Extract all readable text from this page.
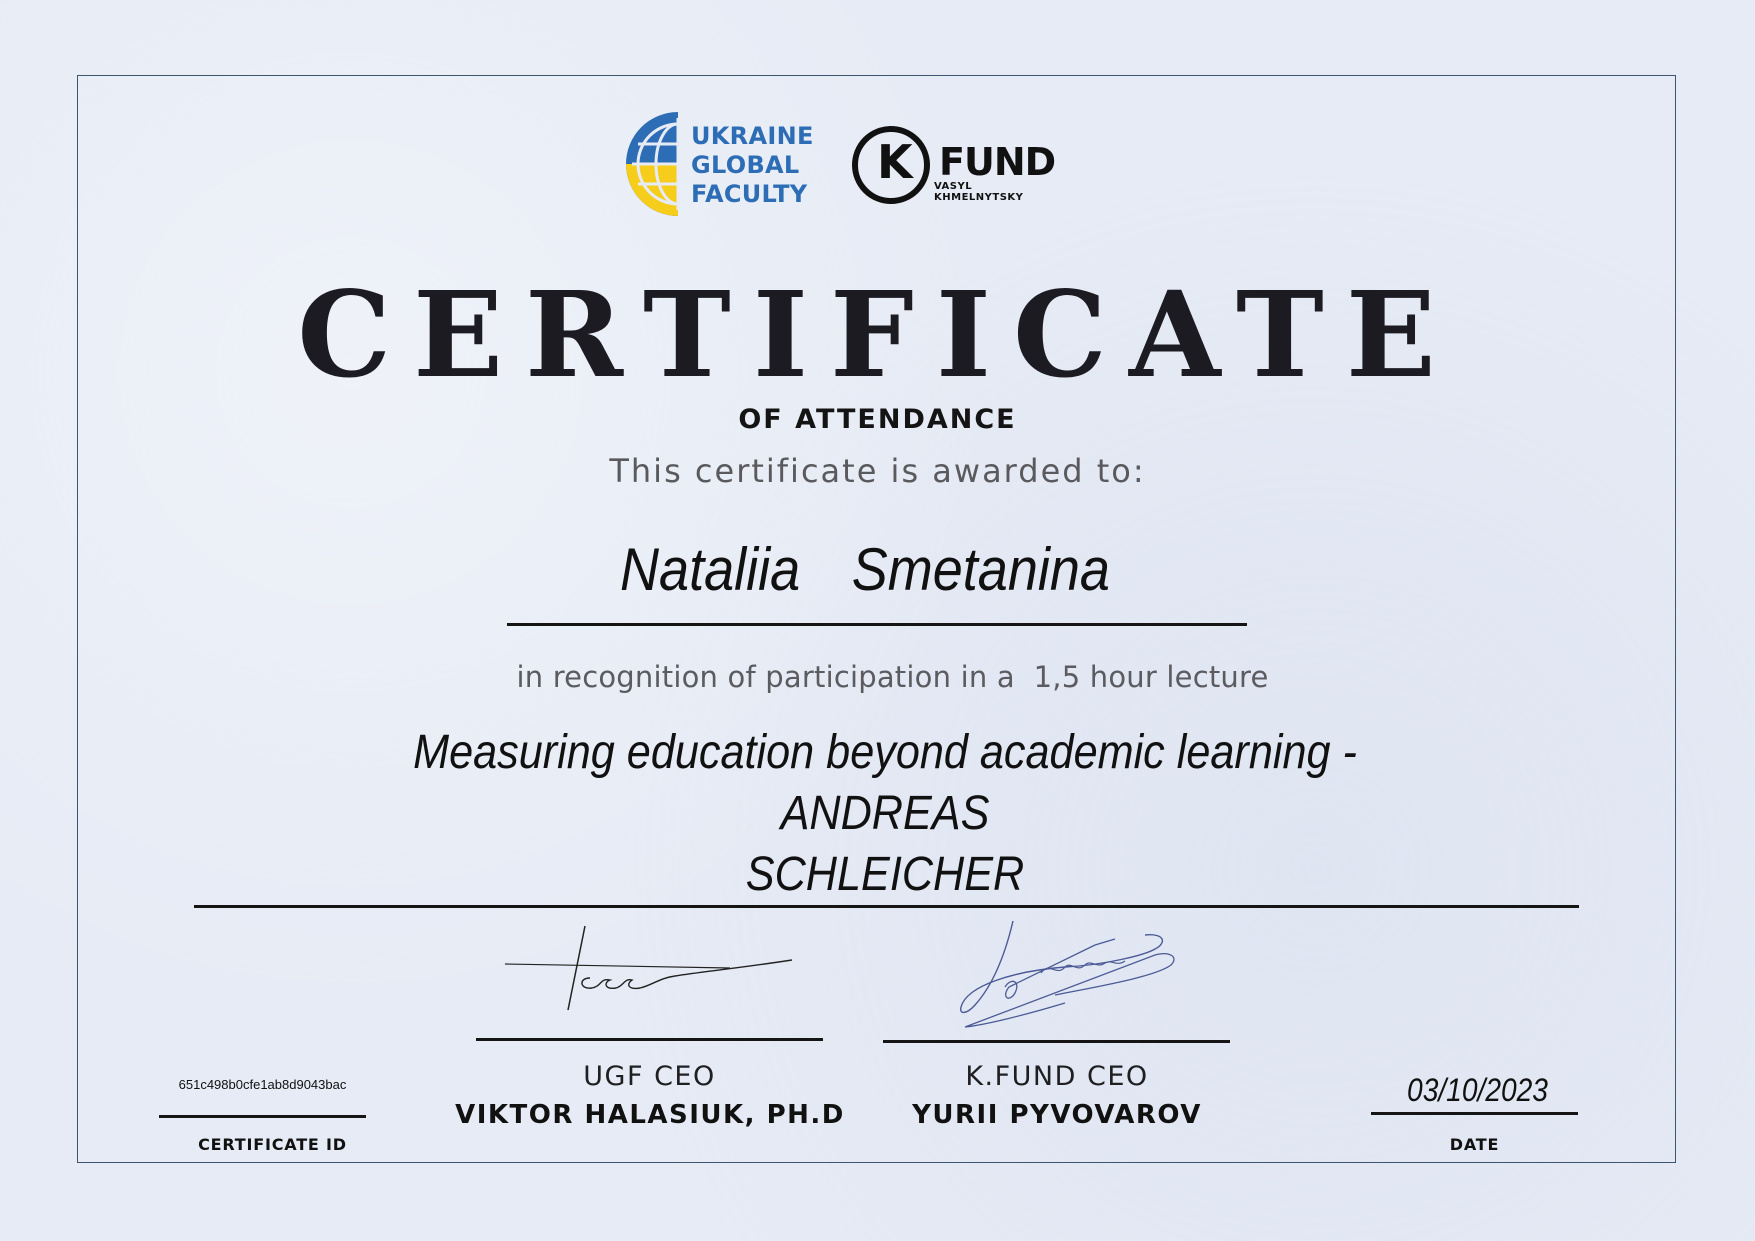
UKRAINE
GLOBAL
FACULTY
K FUND
VASYL
KHMELNYTSKY
CERTIFICATE
OF ATTENDANCE
This certificate is awarded to:
Nataliia  Smetanina
in recognition of participation in a  1,5 hour lecture
Measuring education beyond academic learning - ANDREAS
SCHLEICHER
UGF CEO
VIKTOR HALASIUK, PH.D
K.FUND CEO
YURII PYVOVAROV
651c498b0cfe1ab8d9043bac
CERTIFICATE ID
03/10/2023
DATE
